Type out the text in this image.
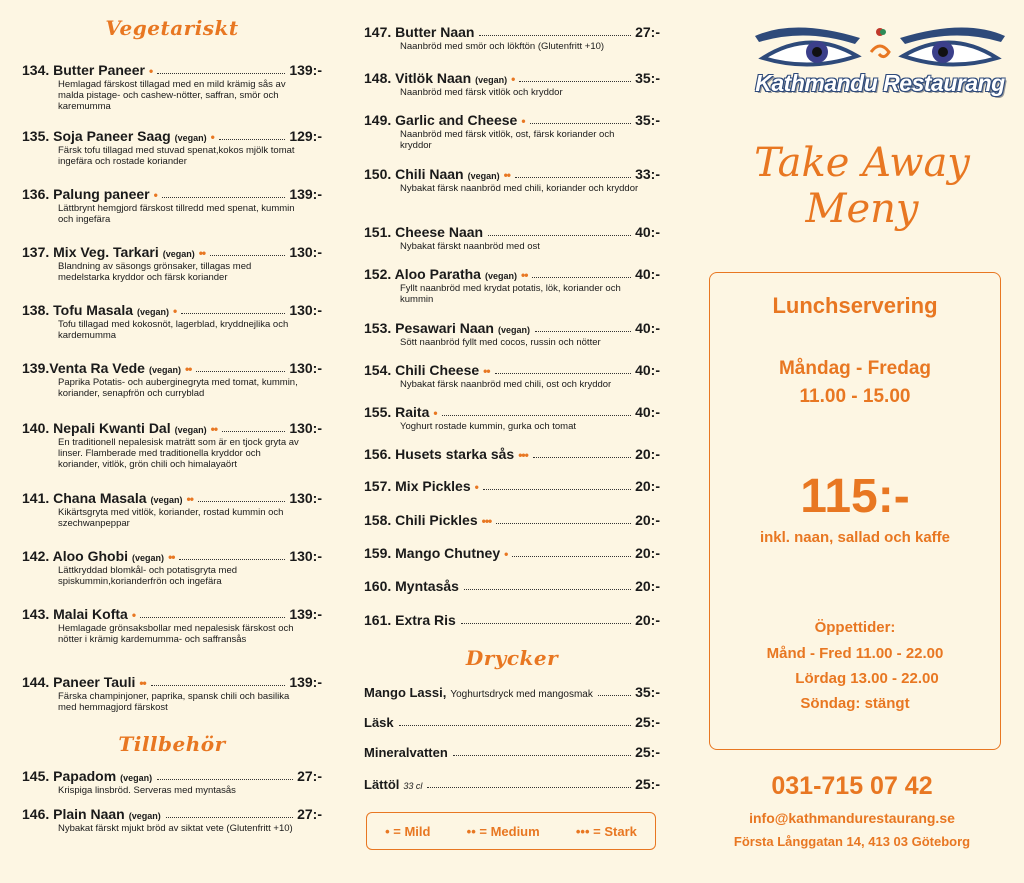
Vegetariskt
134. Butter Paneer •	139:-
Hemlagad färskost tillagad med en mild krämig sås av malda pistage- och cashew-nötter, saffran, smör och karemumma
135. Soja Paneer Saag (vegan) •	129:-
Färsk tofu tillagad med stuvad spenat,kokos mjölk tomat ingefära och rostade koriander
136. Palung paneer •	139:-
Lättbrynt hemgjord färskost tillredd med spenat, kummin och ingefära
137. Mix Veg. Tarkari (vegan) ••	130:-
Blandning av säsongs grönsaker, tillagas med medelstarka kryddor och färsk koriander
138. Tofu Masala (vegan) •	130:-
Tofu tillagad med kokosnöt, lagerblad, kryddnejlika och kardemumma
139.Venta Ra Vede (vegan) ••	130:-
Paprika Potatis- och auberginegryta med tomat, kummin, koriander, senapfrön och curryblad
140. Nepali Kwanti Dal (vegan) ••	130:-
En traditionell nepalesisk maträtt som är en tjock gryta av linser. Flamberade med traditionella kryddor och koriander, vitlök, grön chili och himalayaört
141. Chana Masala (vegan) ••	130:-
Kikärtsgryta med vitlök, koriander, rostad kummin och szechwanpeppar
142. Aloo Ghobi (vegan) ••	130:-
Lättkryddad blomkål- och potatisgryta med spiskummin,korianderfrön och ingefära
143. Malai Kofta •	139:-
Hemlagade grönsaksbollar med nepalesisk färskost och nötter i krämig kardemumma- och saffransås
144. Paneer Tauli ••	139:-
Färska champinjoner, paprika, spansk chili och basilika med hemmagjord färskost
Tillbehör
145. Papadom (vegan)	27:-
Krispiga linsbröd. Serveras med myntasås
146. Plain Naan (vegan)	27:-
Nybakat färskt mjukt bröd av siktat vete (Glutenfritt +10)
147. Butter Naan	27:-
Naanbröd med smör och lökftön (Glutenfritt +10)
148. Vitlök Naan (vegan) •	35:-
Naanbröd med färsk vitlök och kryddor
149. Garlic and Cheese •	35:-
Naanbröd med färsk vitlök, ost, färsk koriander och kryddor
150. Chili Naan (vegan) ••	33:-
Nybakat färsk naanbröd med chili, koriander och kryddor
151. Cheese Naan	40:-
Nybakat färskt naanbröd med ost
152. Aloo Paratha (vegan) ••	40:-
Fyllt naanbröd med krydat potatis, lök, koriander och kummin
153. Pesawari Naan (vegan)	40:-
Sött naanbröd fyllt med cocos, russin och nötter
154. Chili Cheese ••	40:-
Nybakat färsk naanbröd med chili, ost och kryddor
155. Raita •	40:-
Yoghurt rostade kummin, gurka och tomat
156. Husets starka sås •••	20:-
157. Mix Pickles •	20:-
158. Chili Pickles •••	20:-
159. Mango Chutney •	20:-
160. Myntasås	20:-
161. Extra Ris	20:-
Drycker
Mango Lassi, Yoghurtsdryck med mangosmak	35:-
Läsk	25:-
Mineralvatten	25:-
Lättöl 33 cl	25:-
• = Mild	•• = Medium	••• = Stark
Kathmandu Restaurang
Take Away
Meny
Lunchservering
Måndag - Fredag
11.00 - 15.00
115:-
inkl. naan, sallad och kaffe
Öppettider:
Månd - Fred 11.00 - 22.00
Lördag 13.00 - 22.00
Söndag: stängt
031-715 07 42
info@kathmandurestaurang.se
Första Långgatan 14, 413 03 Göteborg
